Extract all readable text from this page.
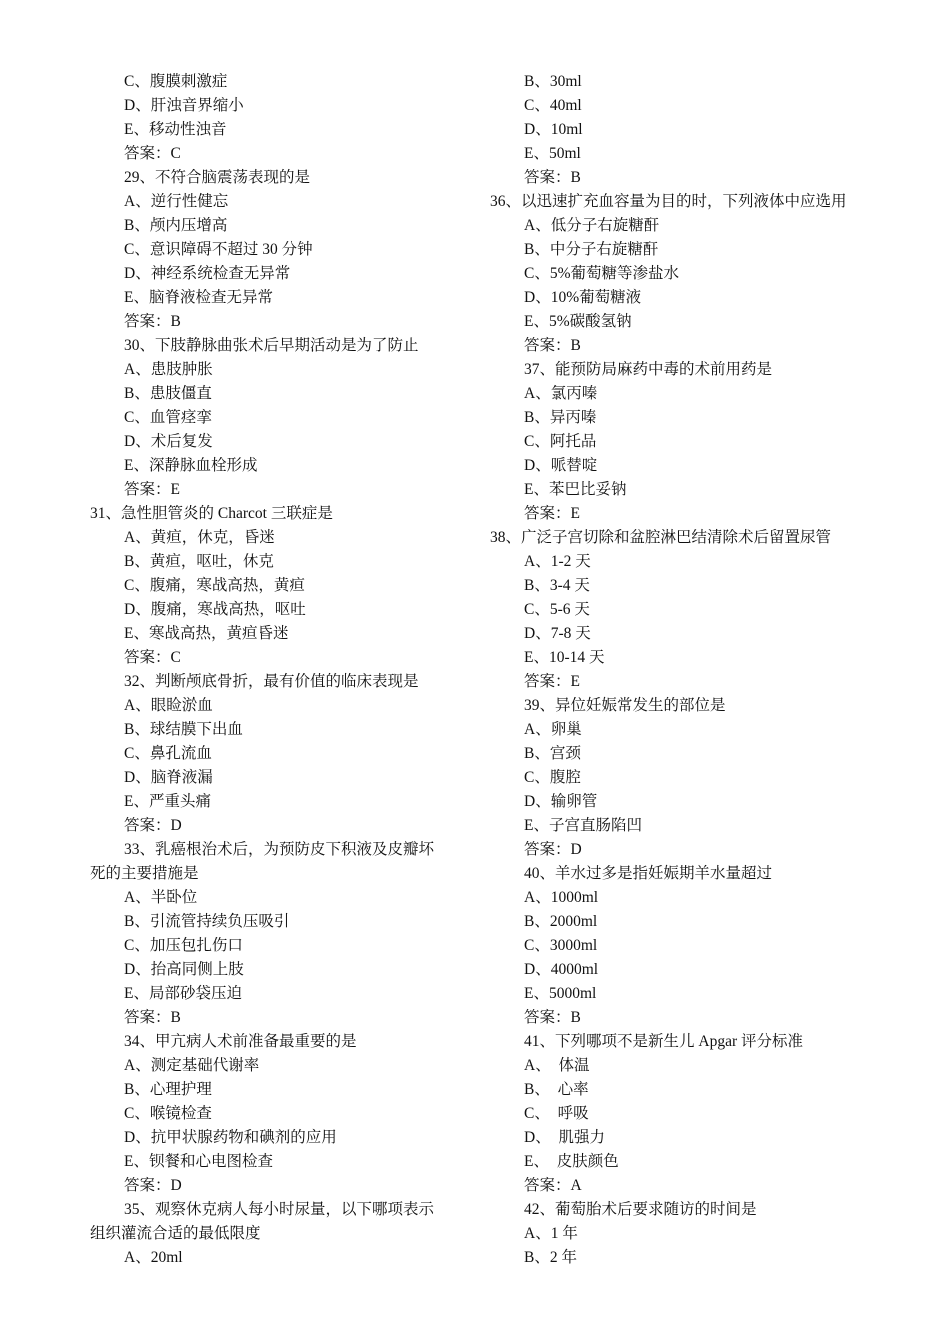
C、腹膜刺激症
D、肝浊音界缩小
E、移动性浊音
答案：C
29、不符合脑震荡表现的是
A、逆行性健忘
B、颅内压增高
C、意识障碍不超过 30 分钟
D、神经系统检查无异常
E、脑脊液检查无异常
答案：B
30、下肢静脉曲张术后早期活动是为了防止
A、患肢肿胀
B、患肢僵直
C、血管痉挛
D、术后复发
E、深静脉血栓形成
答案：E
31、急性胆管炎的 Charcot 三联症是
A、黄疸，休克，昏迷
B、黄疸，呕吐，休克
C、腹痛，寒战高热，黄疸
D、腹痛，寒战高热，呕吐
E、寒战高热，黄疸昏迷
答案：C
32、判断颅底骨折，最有价值的临床表现是
A、眼睑淤血
B、球结膜下出血
C、鼻孔流血
D、脑脊液漏
E、严重头痛
答案：D
33、乳癌根治术后，为预防皮下积液及皮瓣坏
死的主要措施是
A、半卧位
B、引流管持续负压吸引
C、加压包扎伤口
D、抬高同侧上肢
E、局部砂袋压迫
答案：B
34、甲亢病人术前准备最重要的是
A、测定基础代谢率
B、心理护理
C、喉镜检查
D、抗甲状腺药物和碘剂的应用
E、钡餐和心电图检查
答案：D
35、观察休克病人每小时尿量，以下哪项表示
组织灌流合适的最低限度
A、20ml
B、30ml
C、40ml
D、10ml
E、50ml
答案：B
36、以迅速扩充血容量为目的时，下列液体中应选用
A、低分子右旋糖酐
B、中分子右旋糖酐
C、5%葡萄糖等渗盐水
D、10%葡萄糖液
E、5%碳酸氢钠
答案：B
37、能预防局麻药中毒的术前用药是
A、氯丙嗪
B、异丙嗪
C、阿托品
D、哌替啶
E、苯巴比妥钠
答案：E
38、广泛子宫切除和盆腔淋巴结清除术后留置尿管
A、1-2 天
B、3-4 天
C、5-6 天
D、7-8 天
E、10-14 天
答案：E
39、异位妊娠常发生的部位是
A、卵巢
B、宫颈
C、腹腔
D、输卵管
E、子宫直肠陷凹
答案：D
40、羊水过多是指妊娠期羊水量超过
A、1000ml
B、2000ml
C、3000ml
D、4000ml
E、5000ml
答案：B
41、下列哪项不是新生儿 Apgar 评分标准
A、  体温
B、  心率
C、  呼吸
D、  肌强力
E、  皮肤颜色
答案：A
42、葡萄胎术后要求随访的时间是
A、1 年
B、2 年
